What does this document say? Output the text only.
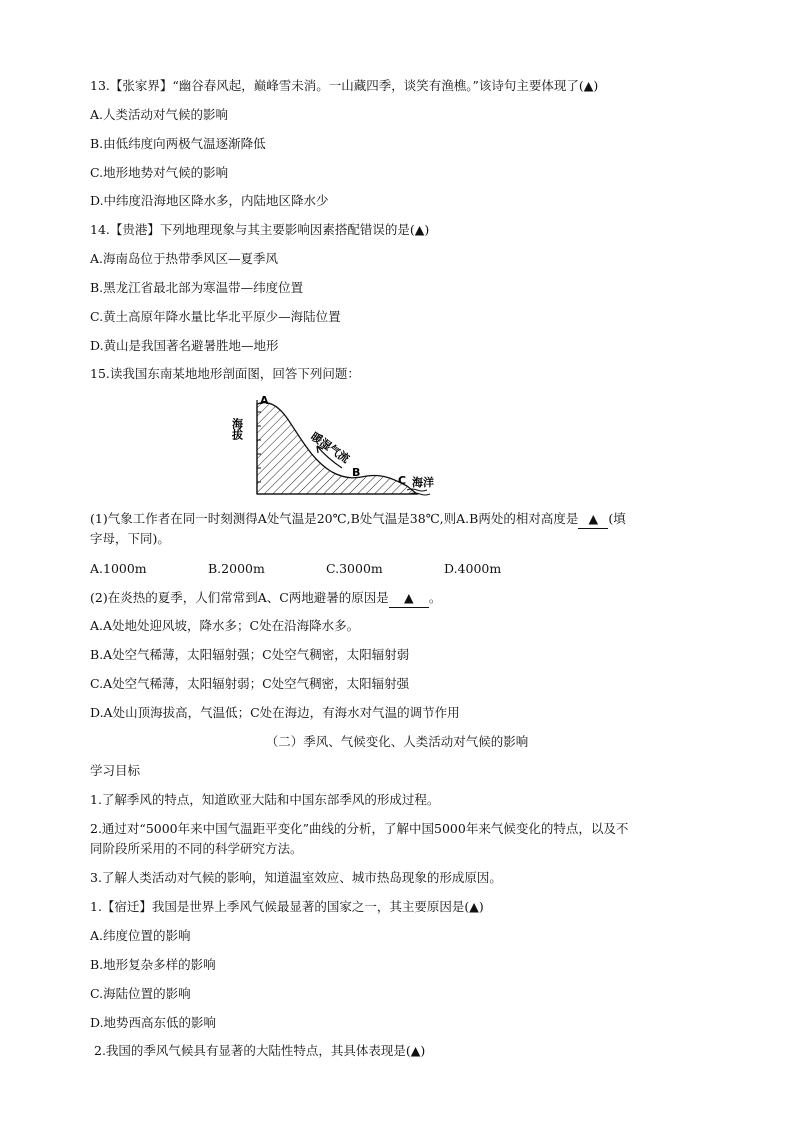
13.【张家界】“幽谷春风起，巅峰雪未消。一山藏四季，谈笑有渔樵。”该诗句主要体现了(▲)
A.人类活动对气候的影响
B.由低纬度向两极气温逐渐降低
C.地形地势对气候的影响
D.中纬度沿海地区降水多，内陆地区降水少
14.【贵港】下列地理现象与其主要影响因素搭配错误的是(▲)
A.海南岛位于热带季风区—夏季风
B.黑龙江省最北部为寒温带—纬度位置
C.黄土高原年降水量比华北平原少—海陆位置
D.黄山是我国著名避暑胜地—地形
15.读我国东南某地地形剖面图，回答下列问题：
海拔
A
B
C 海洋
暖湿气流
(1)气象工作者在同一时刻测得A处气温是20℃,B处气温是38℃,则A.B两处的相对高度是 ▲ (填
字母，下同)。
A.1000m	B.2000m	C.3000m	D.4000m
(2)在炎热的夏季，人们常常到A、C两地避暑的原因是 ▲ 。
A.A处地处迎风坡，降水多；C处在沿海降水多。
B.A处空气稀薄，太阳辐射强；C处空气稠密，太阳辐射弱
C.A处空气稀薄，太阳辐射弱；C处空气稠密，太阳辐射强
D.A处山顶海拔高，气温低；C处在海边，有海水对气温的调节作用
（二）季风、气候变化、人类活动对气候的影响
学习目标
1.了解季风的特点，知道欧亚大陆和中国东部季风的形成过程。
2.通过对“5000年来中国气温距平变化”曲线的分析，了解中国5000年来气候变化的特点，以及不
同阶段所采用的不同的科学研究方法。
3.了解人类活动对气候的影响，知道温室效应、城市热岛现象的形成原因。
1.【宿迁】我国是世界上季风气候最显著的国家之一，其主要原因是(▲)
A.纬度位置的影响
B.地形复杂多样的影响
C.海陆位置的影响
D.地势西高东低的影响
2.我国的季风气候具有显著的大陆性特点，其具体表现是(▲)
